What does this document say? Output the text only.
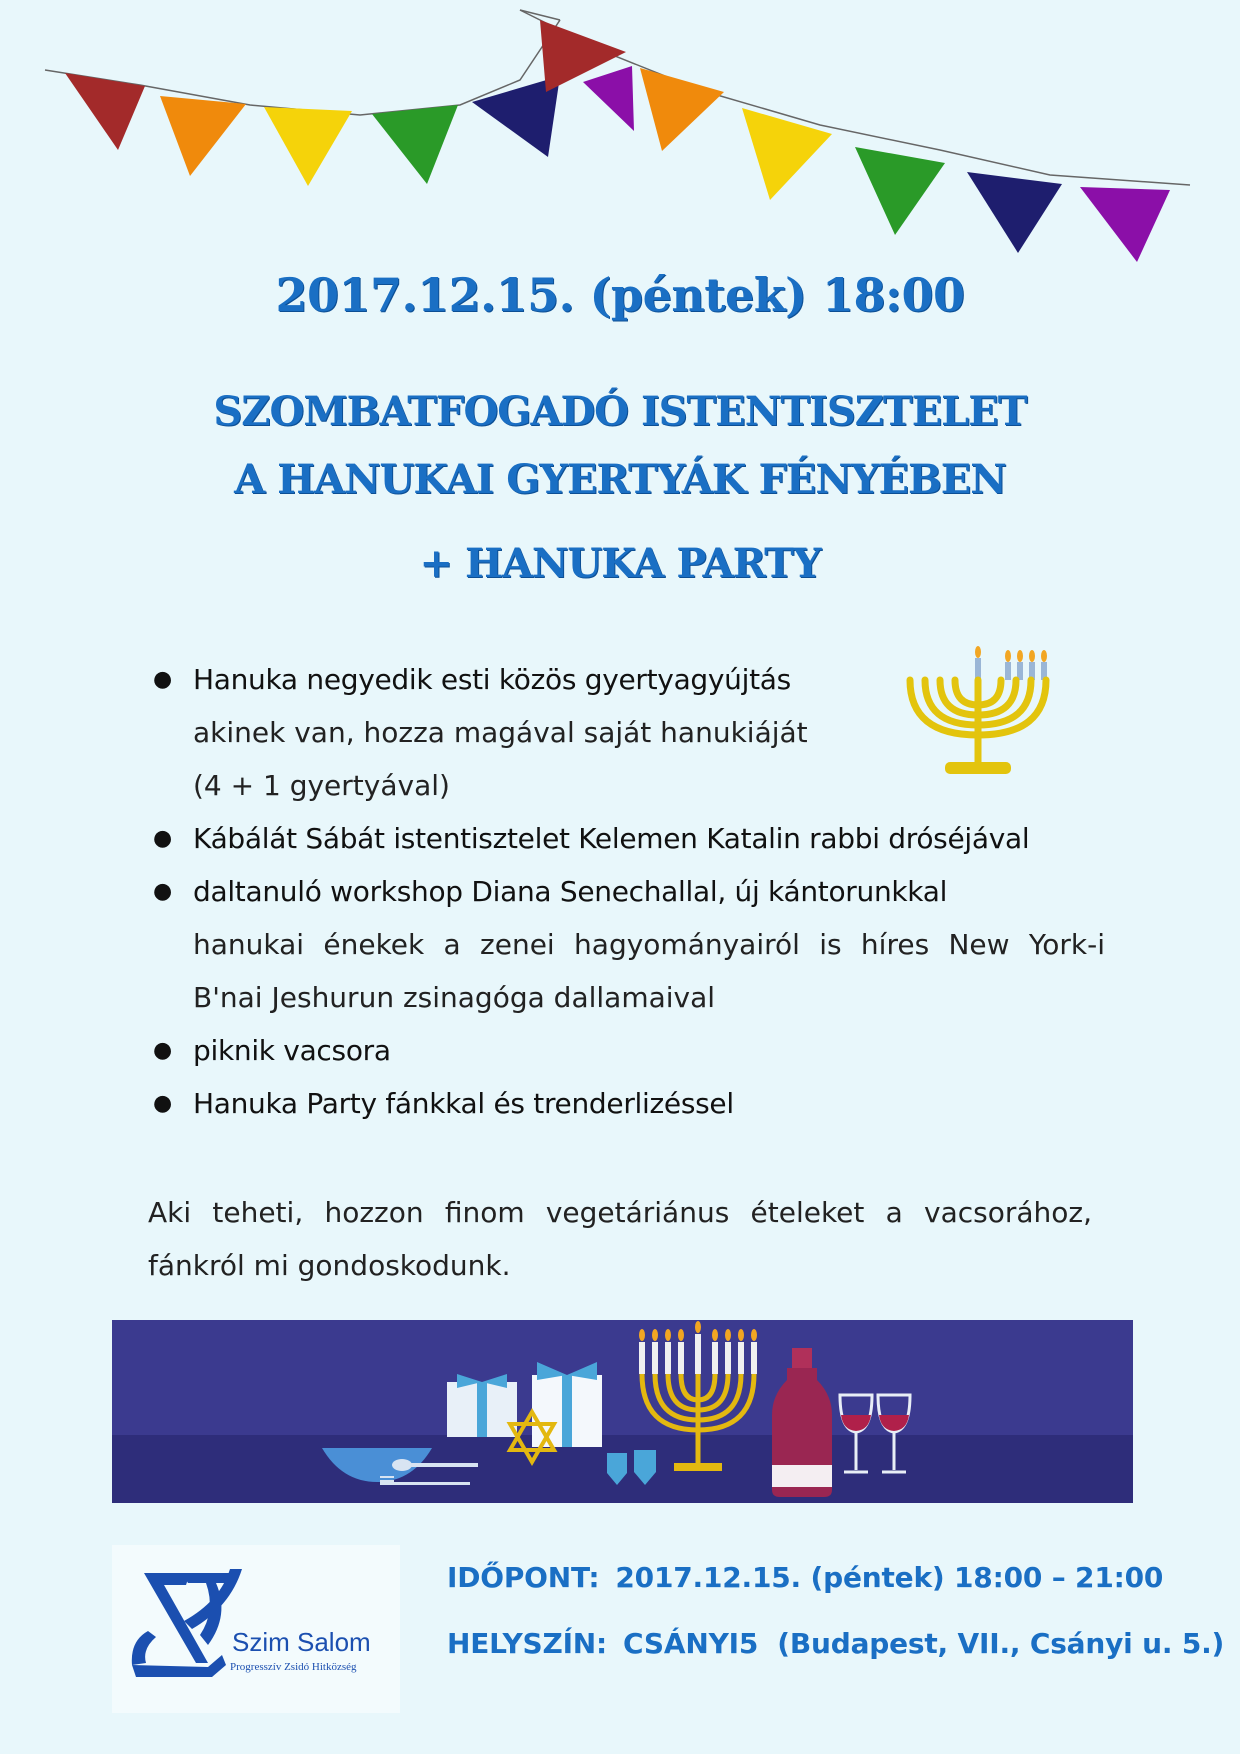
2017.12.15. (péntek) 18:00
SZOMBATFOGADÓ ISTENTISZTELET
A HANUKAI GYERTYÁK FÉNYÉBEN
+ HANUKA PARTY
● Hanuka negyedik esti közös gyertyagyújtás
akinek van, hozza magával saját hanukiáját
(4 + 1 gyertyával)
● Kábálát Sábát istentisztelet Kelemen Katalin rabbi dróséjával
● daltanuló workshop Diana Senechallal, új kántorunkkal
hanukai énekek a zenei hagyományairól is híres New York-i
B'nai Jeshurun zsinagóga dallamaival
● piknik vacsora
● Hanuka Party fánkkal és trenderlizéssel
Aki teheti, hozzon finom vegetáriánus ételeket a vacsorához,
fánkról mi gondoskodunk.
Szim Salom
Progresszív Zsidó Hitközség
IDŐPONT: 2017.12.15. (péntek) 18:00 – 21:00
HELYSZÍN: CSÁNYI5  (Budapest, VII., Csányi u. 5.)
